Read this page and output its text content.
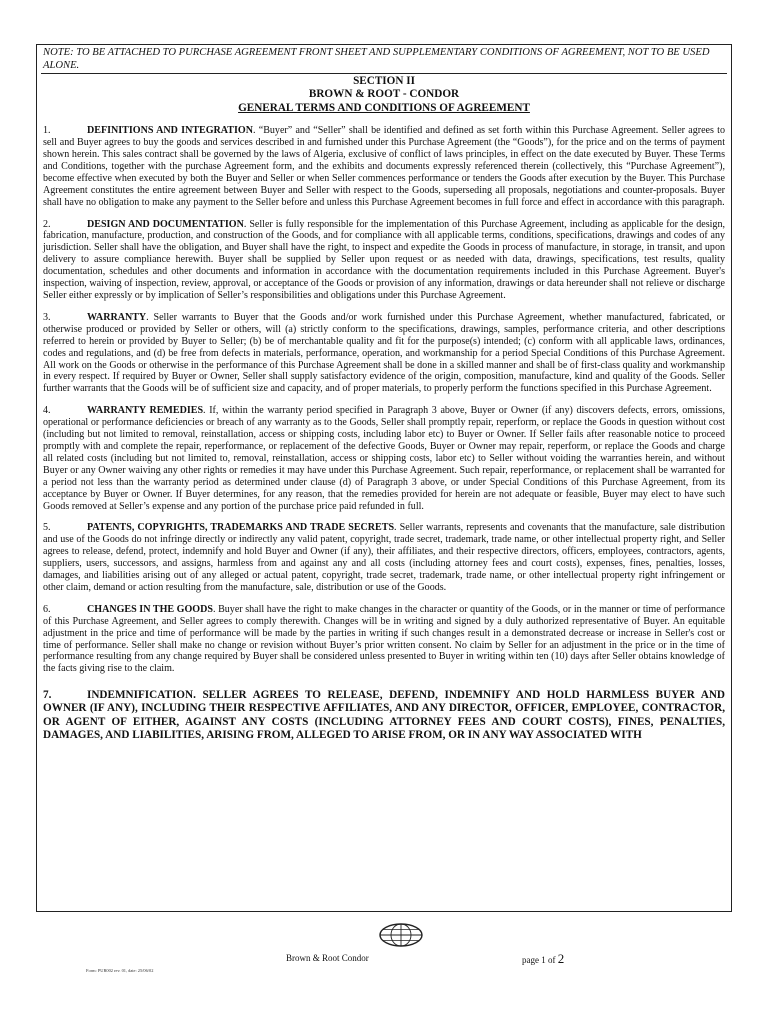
NOTE: TO BE ATTACHED TO PURCHASE AGREEMENT FRONT SHEET AND SUPPLEMENTARY CONDITIONS OF AGREEMENT, NOT TO BE USED ALONE.
SECTION II
BROWN & ROOT - CONDOR
GENERAL TERMS AND CONDITIONS OF AGREEMENT
1.	DEFINITIONS AND INTEGRATION. “Buyer” and “Seller” shall be identified and defined as set forth within this Purchase Agreement. Seller agrees to sell and Buyer agrees to buy the goods and services described in and furnished under this Purchase Agreement (the “Goods”), for the price and on the terms of payment shown herein. This sales contract shall be governed by the laws of Algeria, exclusive of conflict of laws principles, in effect on the date executed by Buyer. These Terms and Conditions, together with the purchase Agreement form, and the exhibits and documents expressly referenced therein (collectively, this “Purchase Agreement”), become effective when executed by both the Buyer and Seller or when Seller commences performance or tenders the Goods after execution by the Buyer. This Purchase Agreement constitutes the entire agreement between Buyer and Seller with respect to the Goods, superseding all proposals, negotiations and counter-proposals. Buyer shall have no obligation to make any payment to the Seller before and unless this Purchase Agreement becomes in full force and effect in accordance with this paragraph.
2.	DESIGN AND DOCUMENTATION. Seller is fully responsible for the implementation of this Purchase Agreement, including as applicable for the design, fabrication, manufacture, production, and construction of the Goods, and for compliance with all applicable terms, conditions, specifications, drawings and codes of any jurisdiction. Seller shall have the obligation, and Buyer shall have the right, to inspect and expedite the Goods in process of manufacture, in storage, in transit, and upon delivery to assure compliance herewith. Buyer shall be supplied by Seller upon request or as needed with data, drawings, specifications, test results, quality documentation, schedules and other documents and information in accordance with the documentation requirements included in this Purchase Agreement. Buyer's inspection, waiving of inspection, review, approval, or acceptance of the Goods or provision of any information, drawings or data hereunder shall not relieve or discharge Seller either expressly or by implication of Seller’s responsibilities and obligations under this Purchase Agreement.
3.	WARRANTY. Seller warrants to Buyer that the Goods and/or work furnished under this Purchase Agreement, whether manufactured, fabricated, or otherwise produced or provided by Seller or others, will (a) strictly conform to the specifications, drawings, samples, performance criteria, and other descriptions referred to herein or provided by Buyer to Seller; (b) be of merchantable quality and fit for the purpose(s) intended; (c) conform with all applicable laws, ordinances, codes and regulations, and (d) be free from defects in materials, performance, operation, and workmanship for a period Special Conditions of this Purchase Agreement. All work on the Goods or otherwise in the performance of this Purchase Agreement shall be done in a skilled manner and shall be of first-class quality and workmanship in every respect. If required by Buyer or Owner, Seller shall supply satisfactory evidence of the origin, composition, manufacture, kind and quality of the Goods. Seller further warrants that the Goods will be of sufficient size and capacity, and of proper materials, to properly perform the functions specified in this Purchase Agreement.
4.	WARRANTY REMEDIES. If, within the warranty period specified in Paragraph 3 above, Buyer or Owner (if any) discovers defects, errors, omissions, operational or performance deficiencies or breach of any warranty as to the Goods, Seller shall promptly repair, reperform, or replace the Goods in question without cost (including but not limited to removal, reinstallation, access or shipping costs, including labor etc) to Buyer or Owner. If Seller fails after reasonable notice to proceed promptly with and complete the repair, reperformance, or replacement of the defective Goods, Buyer or Owner may repair, reperform, or replace the Goods and charge all related costs (including but not limited to, removal, reinstallation, access or shipping costs, labor etc) to Seller without voiding the warranties herein, and without Buyer or any Owner waiving any other rights or remedies it may have under this Purchase Agreement. Such repair, reperformance, or replacement shall be warranted for a period not less than the warranty period as determined under clause (d) of Paragraph 3 above, or under Special Conditions of this Purchase Agreement, from its acceptance by Buyer or Owner. If Buyer determines, for any reason, that the remedies provided for herein are not adequate or feasible, Buyer may elect to have such Goods removed at Seller’s expense and any portion of the purchase price paid refunded in full.
5.	PATENTS, COPYRIGHTS, TRADEMARKS AND TRADE SECRETS. Seller warrants, represents and covenants that the manufacture, sale distribution and use of the Goods do not infringe directly or indirectly any valid patent, copyright, trade secret, trademark, trade name, or other intellectual property right, and Seller agrees to release, defend, protect, indemnify and hold Buyer and Owner (if any), their affiliates, and their respective directors, officers, employees, contractors, agents, suppliers, users, successors, and assigns, harmless from and against any and all costs (including attorney fees and court costs), expenses, fines, penalties, losses, damages, and liabilities arising out of any alleged or actual patent, copyright, trade secret, trademark, trade name, or other intellectual property right infringement or other claim, demand or action resulting from the manufacture, sale, distribution or use of the Goods.
6.	CHANGES IN THE GOODS. Buyer shall have the right to make changes in the character or quantity of the Goods, or in the manner or time of performance of this Purchase Agreement, and Seller agrees to comply therewith. Changes will be in writing and signed by a duly authorized representative of Buyer. An equitable adjustment in the price and time of performance will be made by the parties in writing if such changes result in a demonstrated decrease or increase in Seller's cost or time of performance. Seller shall make no change or revision without Buyer’s prior written consent. No claim by Seller for an adjustment in the price or in the time of performance resulting from any change required by Buyer shall be considered unless presented to Buyer in writing within ten (10) days after Seller obtains knowledge of the facts giving rise to the claim.
7.	INDEMNIFICATION. SELLER AGREES TO RELEASE, DEFEND, INDEMNIFY AND HOLD HARMLESS BUYER AND OWNER (IF ANY), INCLUDING THEIR RESPECTIVE AFFILIATES, AND ANY DIRECTOR, OFFICER, EMPLOYEE, CONTRACTOR, OR AGENT OF EITHER, AGAINST ANY COSTS (INCLUDING ATTORNEY FEES AND COURT COSTS), FINES, PENALTIES, DAMAGES, AND LIABILITIES, ARISING FROM, ALLEGED TO ARISE FROM, OR IN ANY WAY ASSOCIATED WITH
Brown & Root Condor	page 1 of 2
Form: PUR002 rev. 01, date: 25/06/02
